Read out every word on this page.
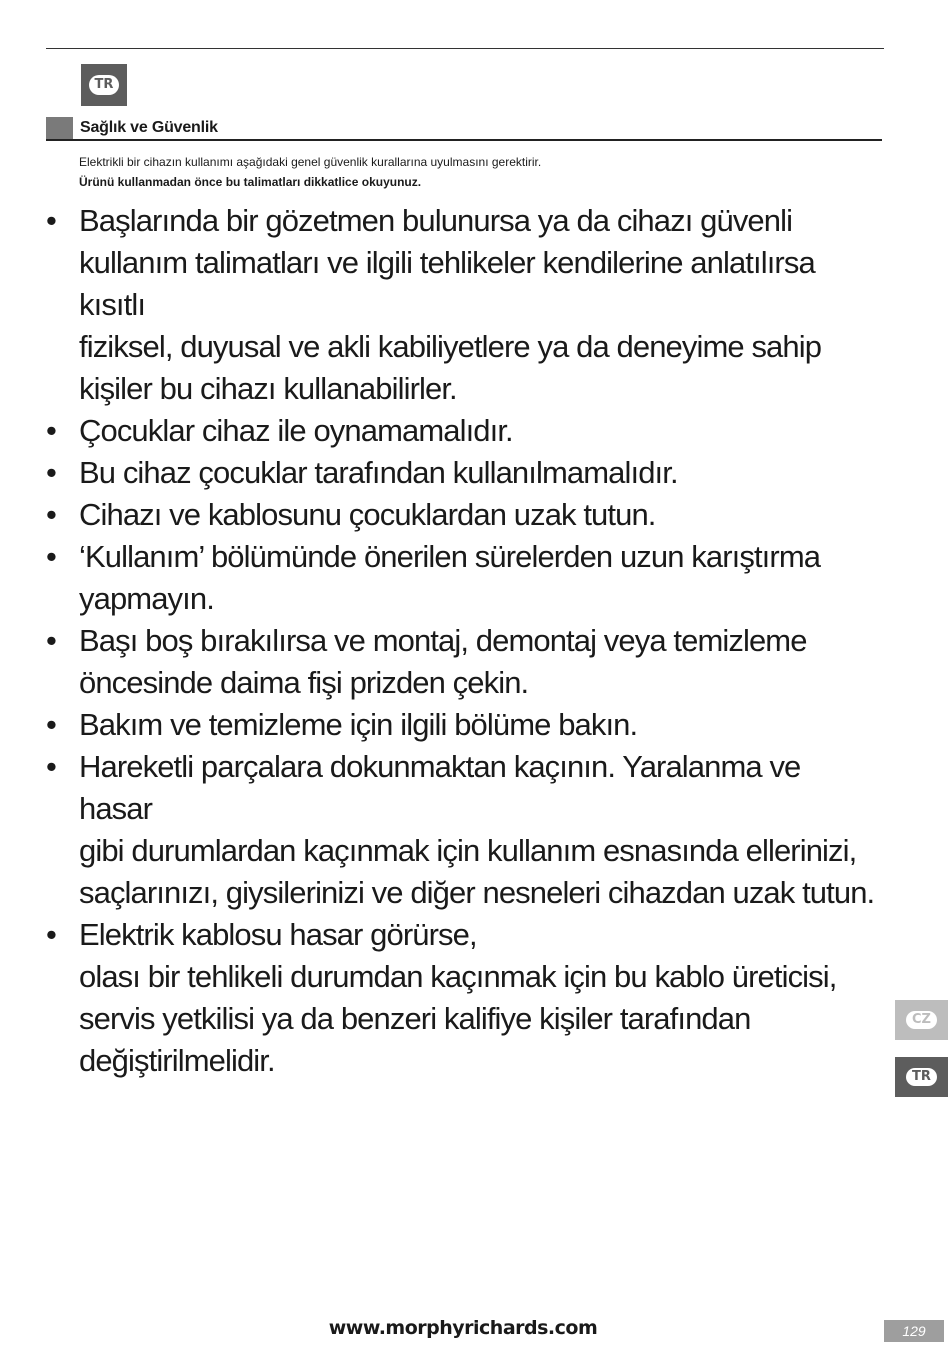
TR
Sağlık ve Güvenlik
Elektrikli bir cihazın kullanımı aşağıdaki genel güvenlik kurallarına uyulmasını gerektirir.
Ürünü kullanmadan önce bu talimatları dikkatlice okuyunuz.
• Başlarında bir gözetmen bulunursa ya da cihazı güvenli
kullanım talimatları ve ilgili tehlikeler kendilerine anlatılırsa kısıtlı
fiziksel, duyusal ve akli kabiliyetlere ya da deneyime sahip
kişiler bu cihazı kullanabilirler.
• Çocuklar cihaz ile oynamamalıdır.
• Bu cihaz çocuklar tarafından kullanılmamalıdır.
• Cihazı ve kablosunu çocuklardan uzak tutun.
• ‘Kullanım’ bölümünde önerilen sürelerden uzun karıştırma
yapmayın.
• Başı boş bırakılırsa ve montaj, demontaj veya temizleme
öncesinde daima fişi prizden çekin.
• Bakım ve temizleme için ilgili bölüme bakın.
• Hareketli parçalara dokunmaktan kaçının. Yaralanma ve hasar
gibi durumlardan kaçınmak için kullanım esnasında ellerinizi,
saçlarınızı, giysilerinizi ve diğer nesneleri cihazdan uzak tutun.
• Elektrik kablosu hasar görürse,
olası bir tehlikeli durumdan kaçınmak için bu kablo üreticisi,
servis yetkilisi ya da benzeri kalifiye kişiler tarafından
değiştirilmelidir.
CZ
TR
www.morphyrichards.com	129
